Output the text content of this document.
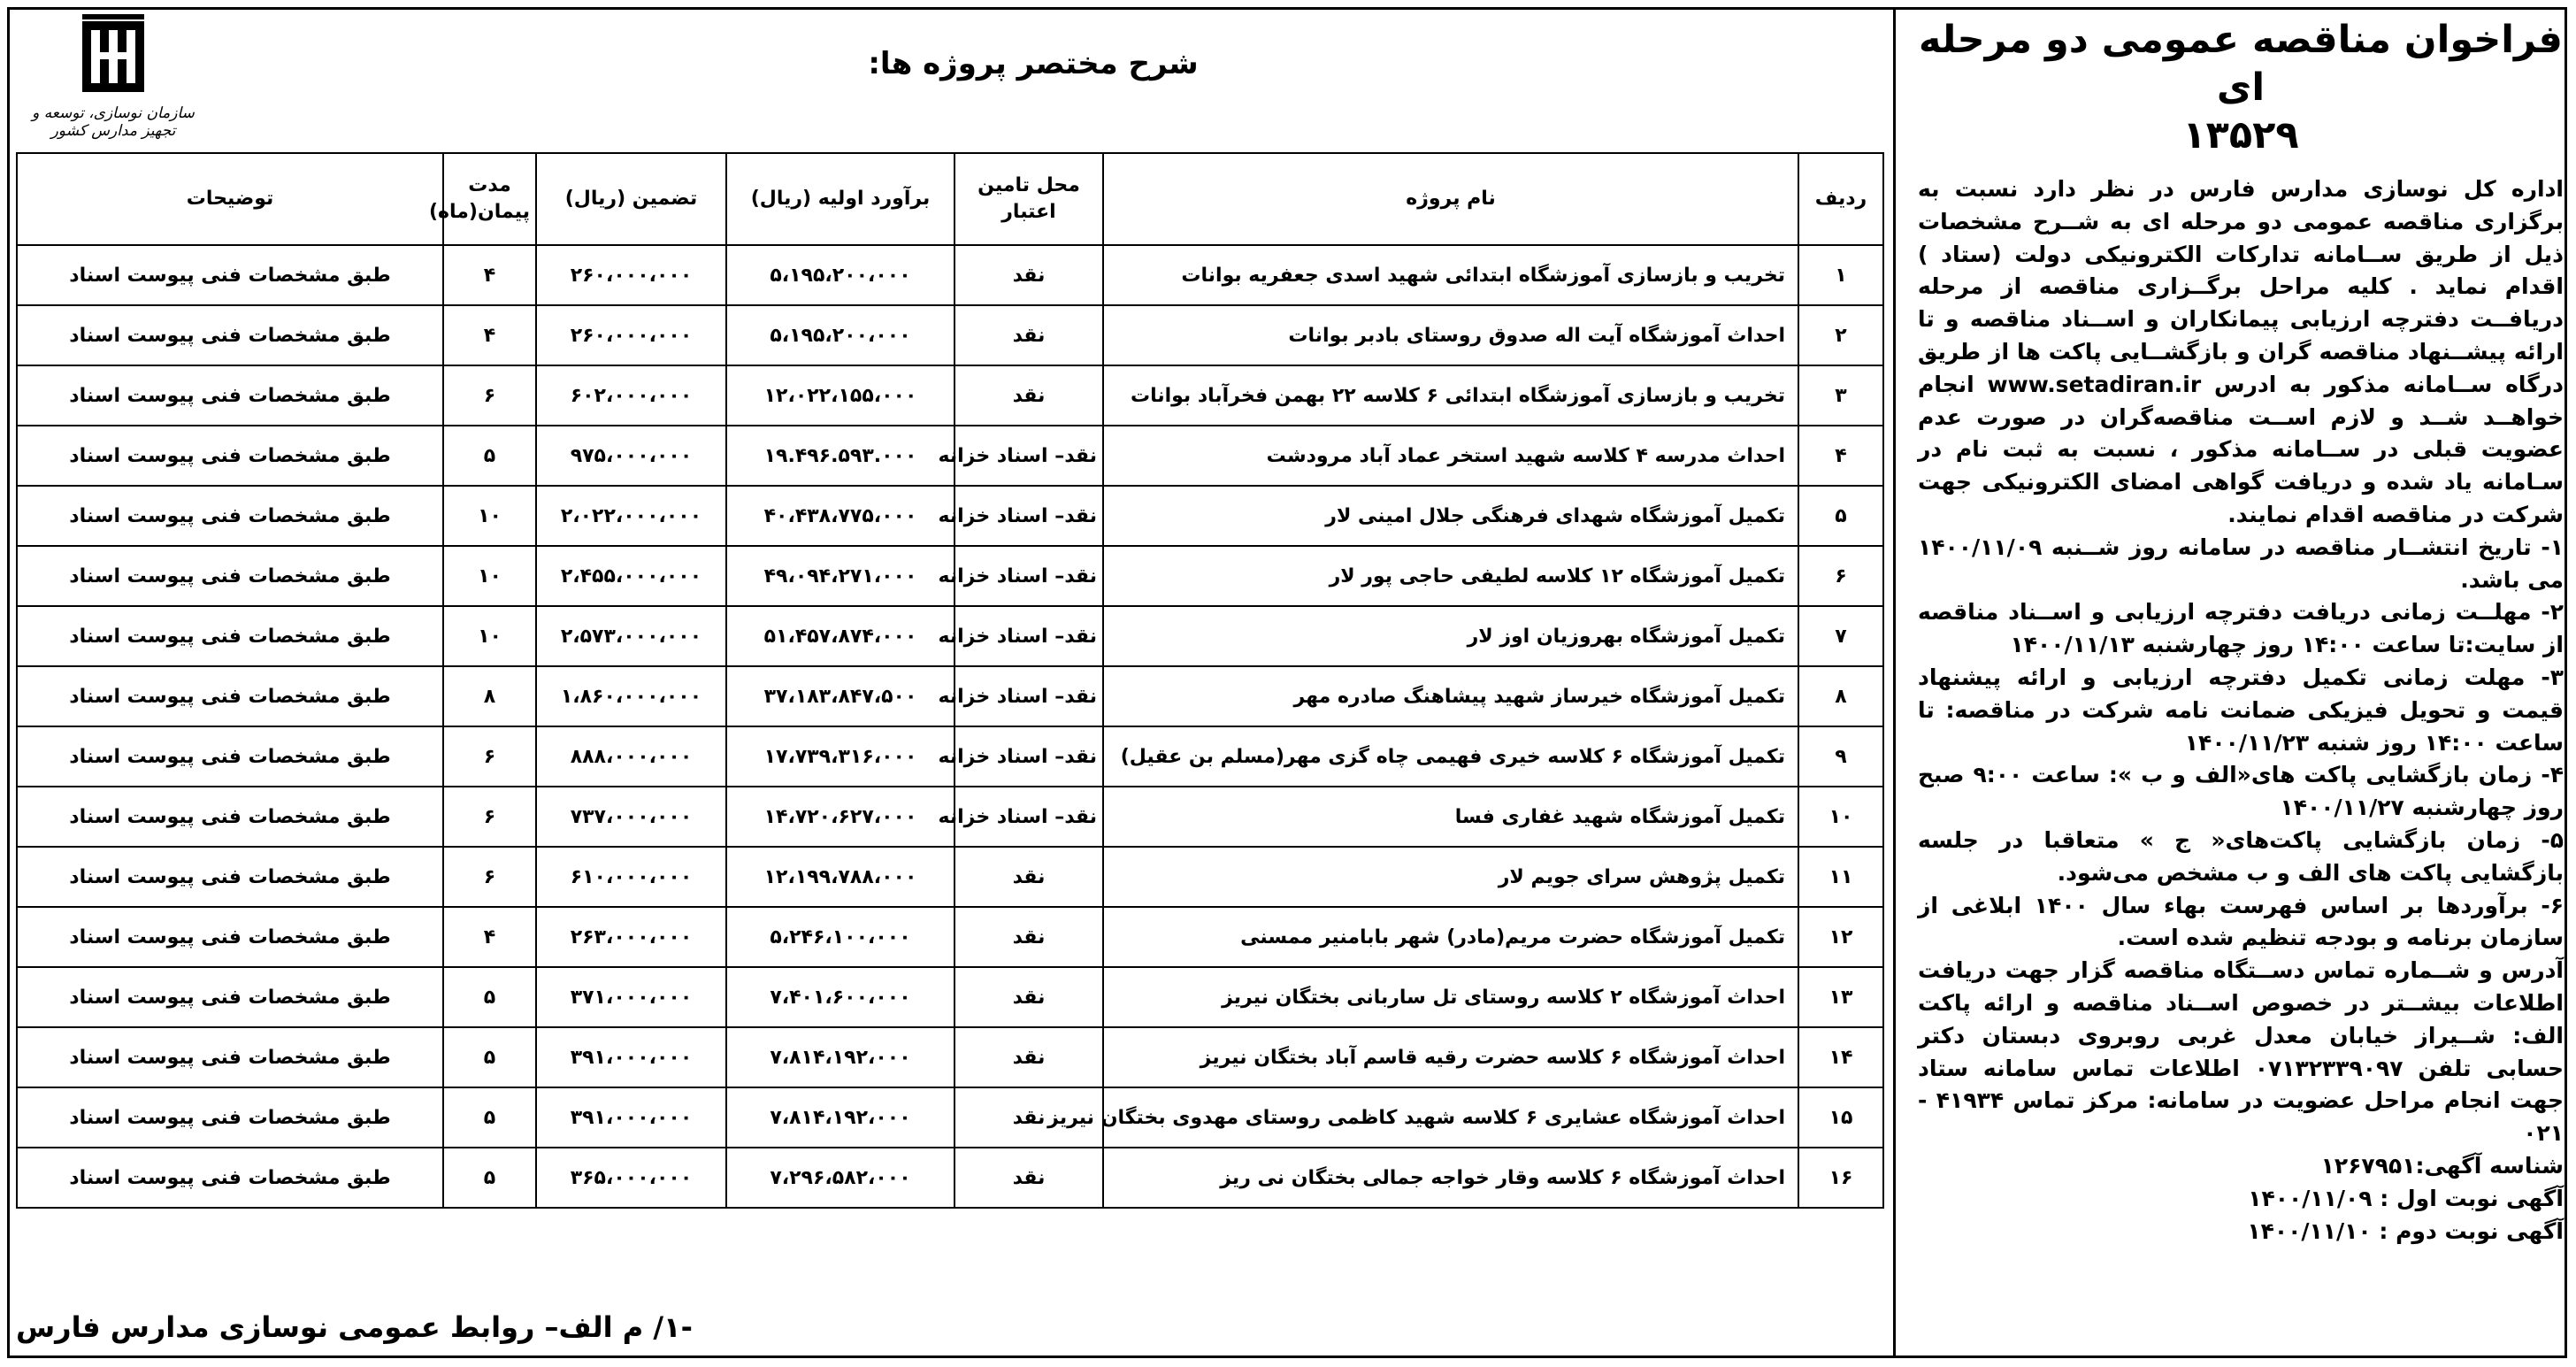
فراخوان مناقصه عمومی دو مرحله ای
۱۳۵۲۹

اداره کل نوسازی مدارس فارس در نظر دارد نسبت به برگزاری مناقصه عمومی دو مرحله ای به شــرح مشخصات ذیل از طریق ســامانه تدارکات الکترونیکی دولت (ستاد ) اقدام نماید . کلیه مراحل برگــزاری مناقصه از مرحله دریافــت دفترچه ارزیابی پیمانکاران و اســناد مناقصه و تا ارائه پیشــنهاد مناقصه گران و بازگشــایی پاکت ها از طریق درگاه ســامانه مذکور به ادرس www.setadiran.ir انجام خواهــد شــد و لازم اســت مناقصه‌گران در صورت عدم عضویت قبلی در ســامانه مذکور ، نسبت به ثبت نام در سـامانه یاد شده و دریافت گواهی امضای الکترونیکی جهت شرکت در مناقصه اقدام نمایند.

۱- تاریخ انتشــار مناقصه در سامانه روز شــنبه ۱۴۰۰/۱۱/۰۹ می باشد.

۲- مهلــت زمانی دریافت دفترچه ارزیابی و اســناد مناقصه از سایت:تا ساعت ۱۴:۰۰ روز چهارشنبه ۱۴۰۰/۱۱/۱۳

۳- مهلت زمانی تکمیل دفترچه ارزیابی و ارائه پیشنهاد قیمت و تحویل فیزیکی ضمانت نامه شرکت در مناقصه: تا ساعت ۱۴:۰۰ روز شنبه ۱۴۰۰/۱۱/۲۳

۴- زمان بازگشایی پاکت های«الف و ب »: ساعت ۹:۰۰ صبح روز چهارشنبه ۱۴۰۰/۱۱/۲۷

۵- زمان بازگشایی پاکت‌های« ج » متعاقبا در جلسه بازگشایی پاکت های الف و ب مشخص می‌شود.

۶- برآوردها بر اساس فهرست بهاء سال ۱۴۰۰ ابلاغی از سازمان برنامه و بودجه تنظیم شده است.

آدرس و شــماره تماس دســتگاه مناقصه گزار جهت دریافت اطلاعات بیشــتر در خصوص اســناد مناقصه و ارائه پاکت الف: شــیراز خیابان معدل غربی روبروی دبستان دکتر حسابی تلفن ۰۷۱۳۲۳۳۹۰۹۷ اطلاعات تماس سامانه ستاد جهت انجام مراحل عضویت در سامانه: مرکز تماس ۴۱۹۳۴ - ۰۲۱

شناسه آگهی:۱۲۶۷۹۵۱

آگهی نوبت اول : ۱۴۰۰/۱۱/۰۹

آگهی نوبت دوم : ۱۴۰۰/۱۱/۱۰

سازمان نوسازی، توسعه و تجهیز مدارس کشور
شرح مختصر پروژه ها:
ردیف	نام پروژه	محل تامین اعتبار	برآورد اولیه (ریال)	تضمین (ریال)	مدت پیمان(ماه)	توضیحات
۱	تخریب و بازسازی آموزشگاه ابتدائی شهید اسدی جعفریه بوانات	نقد	۵،۱۹۵،۲۰۰،۰۰۰	۲۶۰،۰۰۰،۰۰۰	۴	طبق مشخصات فنی پیوست اسناد
۲	احداث آموزشگاه آیت اله صدوق روستای بادبر بوانات	نقد	۵،۱۹۵،۲۰۰،۰۰۰	۲۶۰،۰۰۰،۰۰۰	۴	طبق مشخصات فنی پیوست اسناد
۳	تخریب و بازسازی آموزشگاه ابتدائی ۶ کلاسه ۲۲ بهمن فخرآباد بوانات	نقد	۱۲،۰۲۲،۱۵۵،۰۰۰	۶۰۲،۰۰۰،۰۰۰	۶	طبق مشخصات فنی پیوست اسناد
۴	احداث مدرسه ۴ کلاسه شهید استخر عماد آباد مرودشت	نقد– اسناد خزانه	۱۹.۴۹۶.۵۹۳.۰۰۰	۹۷۵،۰۰۰،۰۰۰	۵	طبق مشخصات فنی پیوست اسناد
۵	تکمیل آموزشگاه شهدای فرهنگی جلال امینی لار	نقد– اسناد خزانه	۴۰،۴۳۸،۷۷۵،۰۰۰	۲،۰۲۲،۰۰۰،۰۰۰	۱۰	طبق مشخصات فنی پیوست اسناد
۶	تکمیل آموزشگاه ۱۲ کلاسه لطیفی حاجی پور لار	نقد– اسناد خزانه	۴۹،۰۹۴،۲۷۱،۰۰۰	۲،۴۵۵،۰۰۰،۰۰۰	۱۰	طبق مشخصات فنی پیوست اسناد
۷	تکمیل آموزشگاه بهروزیان اوز لار	نقد– اسناد خزانه	۵۱،۴۵۷،۸۷۴،۰۰۰	۲،۵۷۳،۰۰۰،۰۰۰	۱۰	طبق مشخصات فنی پیوست اسناد
۸	تکمیل آموزشگاه خیرساز شهید پیشاهنگ صادره مهر	نقد– اسناد خزانه	۳۷،۱۸۳،۸۴۷،۵۰۰	۱،۸۶۰،۰۰۰،۰۰۰	۸	طبق مشخصات فنی پیوست اسناد
۹	تکمیل آموزشگاه ۶ کلاسه خیری فهیمی چاه گزی مهر(مسلم بن عقیل)	نقد– اسناد خزانه	۱۷،۷۳۹،۳۱۶،۰۰۰	۸۸۸،۰۰۰،۰۰۰	۶	طبق مشخصات فنی پیوست اسناد
۱۰	تکمیل آموزشگاه شهید غفاری فسا	نقد– اسناد خزانه	۱۴،۷۲۰،۶۲۷،۰۰۰	۷۳۷،۰۰۰،۰۰۰	۶	طبق مشخصات فنی پیوست اسناد
۱۱	تکمیل پژوهش سرای جویم لار	نقد	۱۲،۱۹۹،۷۸۸،۰۰۰	۶۱۰،۰۰۰،۰۰۰	۶	طبق مشخصات فنی پیوست اسناد
۱۲	تکمیل آموزشگاه حضرت مریم(مادر) شهر بابامنیر ممسنی	نقد	۵،۲۴۶،۱۰۰،۰۰۰	۲۶۳،۰۰۰،۰۰۰	۴	طبق مشخصات فنی پیوست اسناد
۱۳	احداث آموزشگاه ۲ کلاسه روستای تل ساربانی بختگان نیریز	نقد	۷،۴۰۱،۶۰۰،۰۰۰	۳۷۱،۰۰۰،۰۰۰	۵	طبق مشخصات فنی پیوست اسناد
۱۴	احداث آموزشگاه ۶ کلاسه حضرت رقیه قاسم آباد بختگان نیریز	نقد	۷،۸۱۴،۱۹۲،۰۰۰	۳۹۱،۰۰۰،۰۰۰	۵	طبق مشخصات فنی پیوست اسناد
۱۵	احداث آموزشگاه عشایری ۶ کلاسه شهید کاظمی روستای مهدوی بختگان نیریز	نقد	۷،۸۱۴،۱۹۲،۰۰۰	۳۹۱،۰۰۰،۰۰۰	۵	طبق مشخصات فنی پیوست اسناد
۱۶	احداث آموزشگاه ۶ کلاسه وقار خواجه جمالی بختگان نی ریز	نقد	۷،۲۹۶،۵۸۲،۰۰۰	۳۶۵،۰۰۰،۰۰۰	۵	طبق مشخصات فنی پیوست اسناد
-۱/ م الف– روابط عمومی نوسازی مدارس فارس
